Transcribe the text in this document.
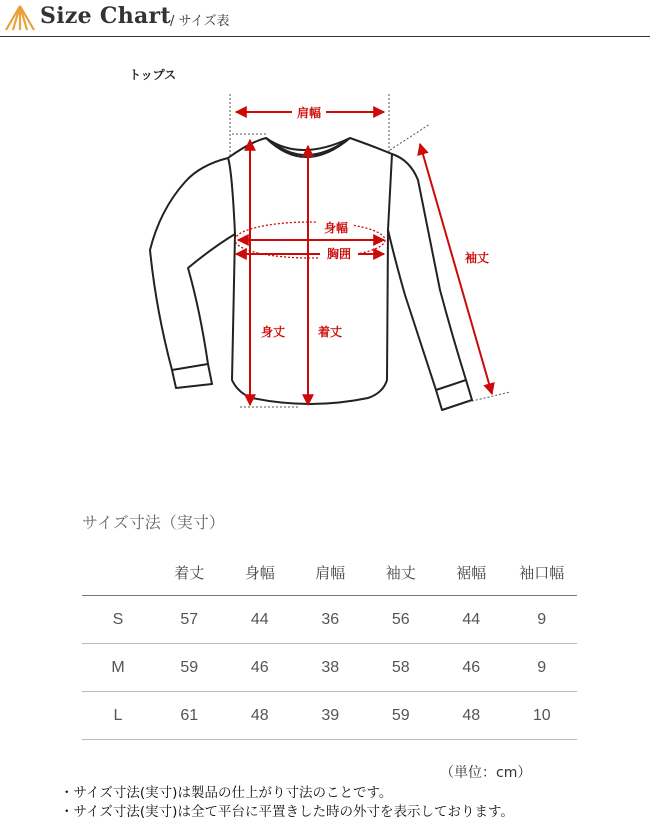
Size Chart / サイズ表
トップス
肩幅
身幅
胸囲
身丈	着丈
袖丈
サイズ寸法（実寸）
	着丈	身幅	肩幅	袖丈	裾幅	袖口幅
S	57	44	36	56	44	9
M	59	46	38	58	46	9
L	61	48	39	59	48	10
（単位：cm）
・サイズ寸法(実寸)は製品の仕上がり寸法のことです。
・サイズ寸法(実寸)は全て平台に平置きした時の外寸を表示しております。
